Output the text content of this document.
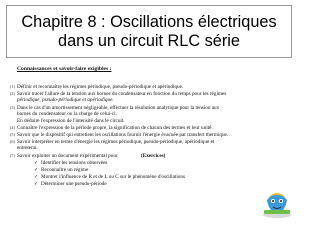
Chapitre 8 : Oscillations électriques
dans un circuit RLC série
Connaissances et savoir-faire exigibles :
(1) Définir et reconnaître les régimes périodique, pseudo-périodique et apériodique.
(2) Savoir tracer l'allure de la tension aux bornes du condensateur en fonction du temps pour les régimes
périodique, pseudo-périodique et apériodique.
(3) Dans le cas d'un amortissement négligeable, effectuer la résolution analytique pour la tension aux
bornes du condensateur ou la charge de celui-ci.
En déduire l'expression de l'intensité dans le circuit.
(4) Connaître l'expression de la période propre, la signification de chacun des termes et leur unité.
(5) Savoir que le dispositif qui entretient les oscillations fournit l'énergie évacuée par transfert thermique.
(6) Savoir interpréter en terme d'énergie les régimes périodique, pseudo-périodique, apériodique et
entretenu.
(7) Savoir exploiter un document expérimental pour	(Exercices)
✓ Identifier les tensions observées
✓ Reconnaître un régime
✓ Montrer l'influence de R et de L ou C sur le phénomène d'oscillations
✓ Déterminer une pseudo-période
